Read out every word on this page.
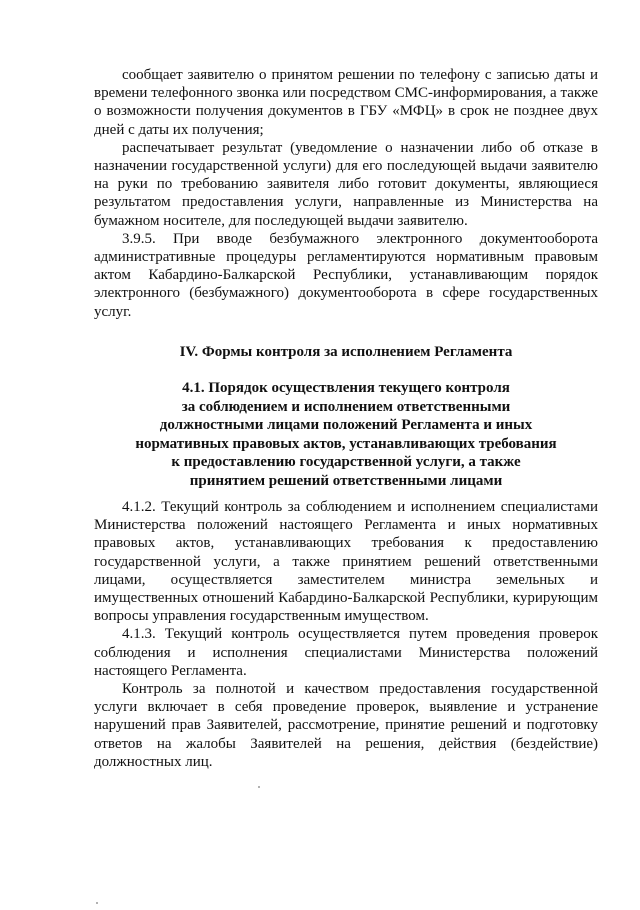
сообщает заявителю о принятом решении по телефону с записью даты и времени телефонного звонка или посредством СМС-информирования, а также о возможности получения документов в ГБУ «МФЦ» в срок не позднее двух дней с даты их получения;

распечатывает результат (уведомление о назначении либо об отказе в назначении государственной услуги) для его последующей выдачи заявителю на руки по требованию заявителя либо готовит документы, являющиеся результатом предоставления услуги, направленные из Министерства на бумажном носителе, для последующей выдачи заявителю.

3.9.5. При вводе безбумажного электронного документооборота административные процедуры регламентируются нормативным правовым актом Кабардино-Балкарской Республики, устанавливающим порядок электронного (безбумажного) документооборота в сфере государственных услуг.

IV. Формы контроля за исполнением Регламента
4.1. Порядок осуществления текущего контроля
за соблюдением и исполнением ответственными
должностными лицами положений Регламента и иных
нормативных правовых актов, устанавливающих требования
к предоставлению государственной услуги, а также
принятием решений ответственными лицами

4.1.2. Текущий контроль за соблюдением и исполнением специалистами Министерства положений настоящего Регламента и иных нормативных правовых актов, устанавливающих требования к предоставлению государственной услуги, а также принятием решений ответственными лицами, осуществляется заместителем министра земельных и имущественных отношений Кабардино-Балкарской Республики, курирующим вопросы управления государственным имуществом.

4.1.3. Текущий контроль осуществляется путем проведения проверок соблюдения и исполнения специалистами Министерства положений настоящего Регламента.

Контроль за полнотой и качеством предоставления государственной услуги включает в себя проведение проверок, выявление и устранение нарушений прав Заявителей, рассмотрение, принятие решений и подготовку ответов на жалобы Заявителей на решения, действия (бездействие) должностных лиц.
